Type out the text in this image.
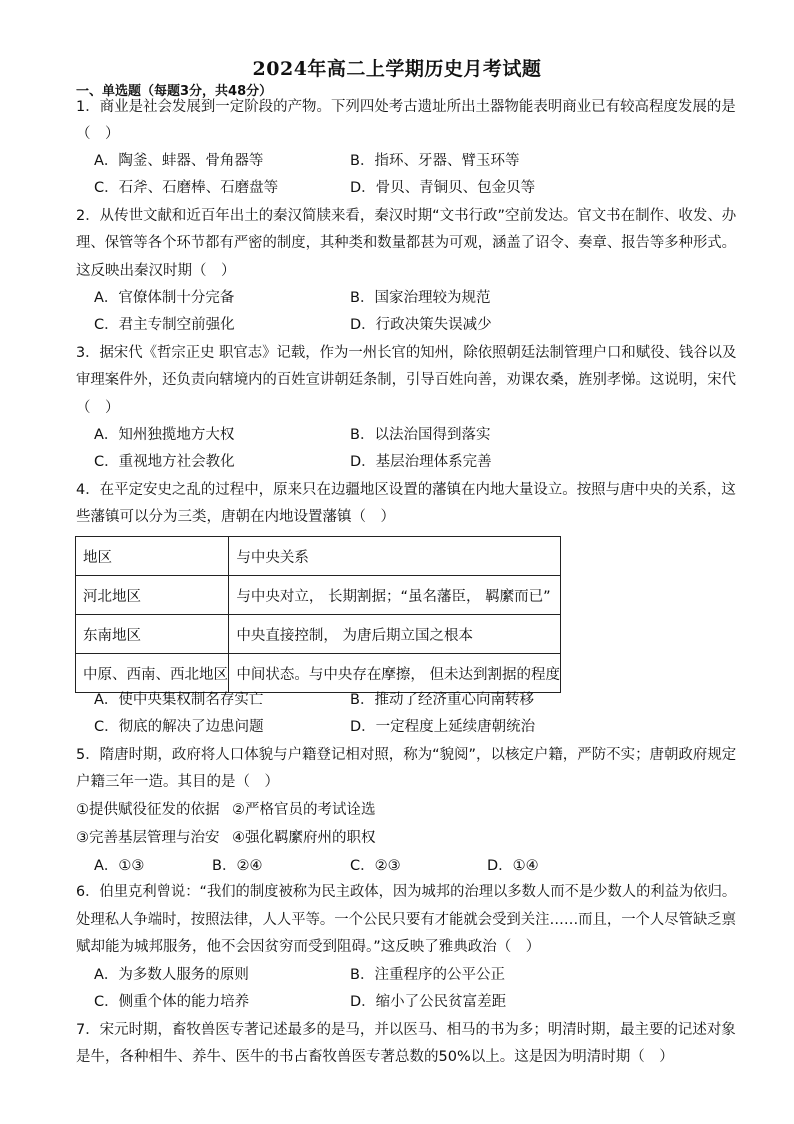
2024年高二上学期历史月考试题
一、单选题（每题3分，共48分）
1．商业是社会发展到一定阶段的产物。下列四处考古遗址所出土器物能表明商业已有较高程度发展的是
（　）
A．陶釜、蚌器、骨角器等	B．指环、牙器、臂玉环等
C．石斧、石磨棒、石磨盘等	D．骨贝、青铜贝、包金贝等
2．从传世文献和近百年出土的秦汉简牍来看，秦汉时期“文书行政”空前发达。官文书在制作、收发、办
理、保管等各个环节都有严密的制度，其种类和数量都甚为可观，涵盖了诏令、奏章、报告等多种形式。
这反映出秦汉时期（　）
A．官僚体制十分完备	B．国家治理较为规范
C．君主专制空前强化	D．行政决策失误减少
3．据宋代《哲宗正史 职官志》记载，作为一州长官的知州，除依照朝廷法制管理户口和赋役、钱谷以及
审理案件外，还负责向辖境内的百姓宣讲朝廷条制，引导百姓向善，劝课农桑，旌别孝悌。这说明，宋代
（　）
A．知州独揽地方大权	B．以法治国得到落实
C．重视地方社会教化	D．基层治理体系完善
4．在平定安史之乱的过程中，原来只在边疆地区设置的藩镇在内地大量设立。按照与唐中央的关系，这
些藩镇可以分为三类，唐朝在内地设置藩镇（　）
地区	与中央关系
河北地区	与中央对立， 长期割据；“虽名藩臣， 羁縻而已”
东南地区	中央直接控制， 为唐后期立国之根本
中原、西南、西北地区	中间状态。与中央存在摩擦， 但未达到割据的程度
A．使中央集权制名存实亡	B．推动了经济重心向南转移
C．彻底的解决了边患问题	D．一定程度上延续唐朝统治
5．隋唐时期，政府将人口体貌与户籍登记相对照，称为“貌阅”，以核定户籍，严防不实；唐朝政府规定
户籍三年一造。其目的是（　）
①提供赋役征发的依据 ②严格官员的考试诠选
③完善基层管理与治安 ④强化羁縻府州的职权
A．①③	B．②④	C．②③	D．①④
6．伯里克利曾说：“我们的制度被称为民主政体，因为城邦的治理以多数人而不是少数人的利益为依归。
处理私人争端时，按照法律，人人平等。一个公民只要有才能就会受到关注……而且，一个人尽管缺乏禀
赋却能为城邦服务，他不会因贫穷而受到阻碍。”这反映了雅典政治（　）
A．为多数人服务的原则	B．注重程序的公平公正
C．侧重个体的能力培养	D．缩小了公民贫富差距
7．宋元时期，畜牧兽医专著记述最多的是马，并以医马、相马的书为多；明清时期，最主要的记述对象
是牛，各种相牛、养牛、医牛的书占畜牧兽医专著总数的50%以上。这是因为明清时期（　）
